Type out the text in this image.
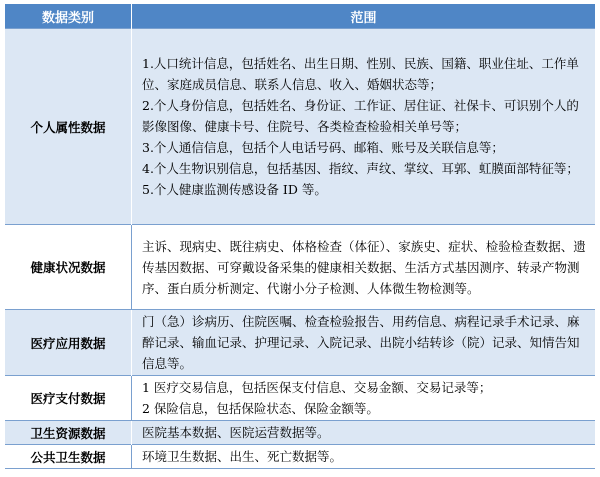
数据类别	范围
个人属性数据	1.人口统计信息，包括姓名、出生日期、性别、民族、国籍、职业住址、工作单位、家庭成员信息、联系人信息、收入、婚姻状态等；
2.个人身份信息，包括姓名、身份证、工作证、居住证、社保卡、可识别个人的影像图像、健康卡号、住院号、各类检查检验相关单号等；
3.个人通信信息，包括个人电话号码、邮箱、账号及关联信息等；
4.个人生物识别信息，包括基因、指纹、声纹、掌纹、耳郭、虹膜面部特征等；
5.个人健康监测传感设备 ID 等。

健康状况数据	主诉、现病史、既往病史、体格检查（体征）、家族史、症状、检验检查数据、遗传基因数据、可穿戴设备采集的健康相关数据、生活方式基因测序、转录产物测序、蛋白质分析测定、代谢小分子检测、人体微生物检测等。

医疗应用数据	门（急）诊病历、住院医嘱、检查检验报告、用药信息、病程记录手术记录、麻醉记录、输血记录、护理记录、入院记录、出院小结转诊（院）记录、知情告知信息等。

医疗支付数据	1 医疗交易信息，包括医保支付信息、交易金额、交易记录等；
2 保险信息，包括保险状态、保险金额等。

卫生资源数据	医院基本数据、医院运营数据等。

公共卫生数据	环境卫生数据、出生、死亡数据等。
